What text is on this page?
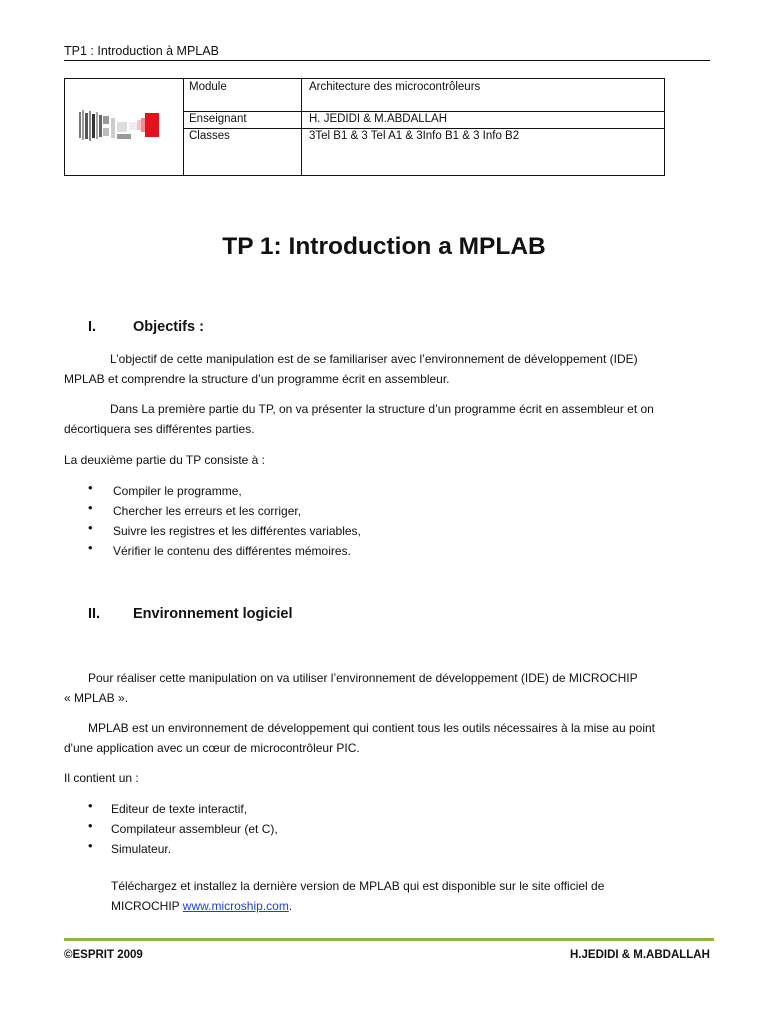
TP1 : Introduction à MPLAB
Module	Architecture des microcontrôleurs
Enseignant	H. JEDIDI & M.ABDALLAH
Classes	3Tel B1 & 3 Tel A1 & 3Info B1 & 3 Info B2
TP 1: Introduction a MPLAB
I.	Objectifs :
L’objectif de cette manipulation est de se familiariser avec l’environnement de développement (IDE)
MPLAB et comprendre la structure d’un programme écrit en assembleur.
Dans La première partie du TP, on va présenter la structure d’un programme écrit en assembleur et on
décortiquera ses différentes parties.
La deuxième partie du TP consiste à :
• Compiler le programme,
• Chercher les erreurs et les corriger,
• Suivre les registres et les différentes variables,
• Vérifier le contenu des différentes mémoires.
II. Environnement logiciel
Pour réaliser cette manipulation on va utiliser l’environnement de développement (IDE) de MICROCHIP
« MPLAB ».
MPLAB est un environnement de développement qui contient tous les outils nécessaires à la mise au point
d'une application avec un cœur de microcontrôleur PIC.
Il contient un :
• Editeur de texte interactif,
• Compilateur assembleur (et C),
• Simulateur.
Téléchargez et installez la dernière version de MPLAB qui est disponible sur le site officiel de
MICROCHIP www.microship.com.
©ESPRIT 2009	H.JEDIDI & M.ABDALLAH
